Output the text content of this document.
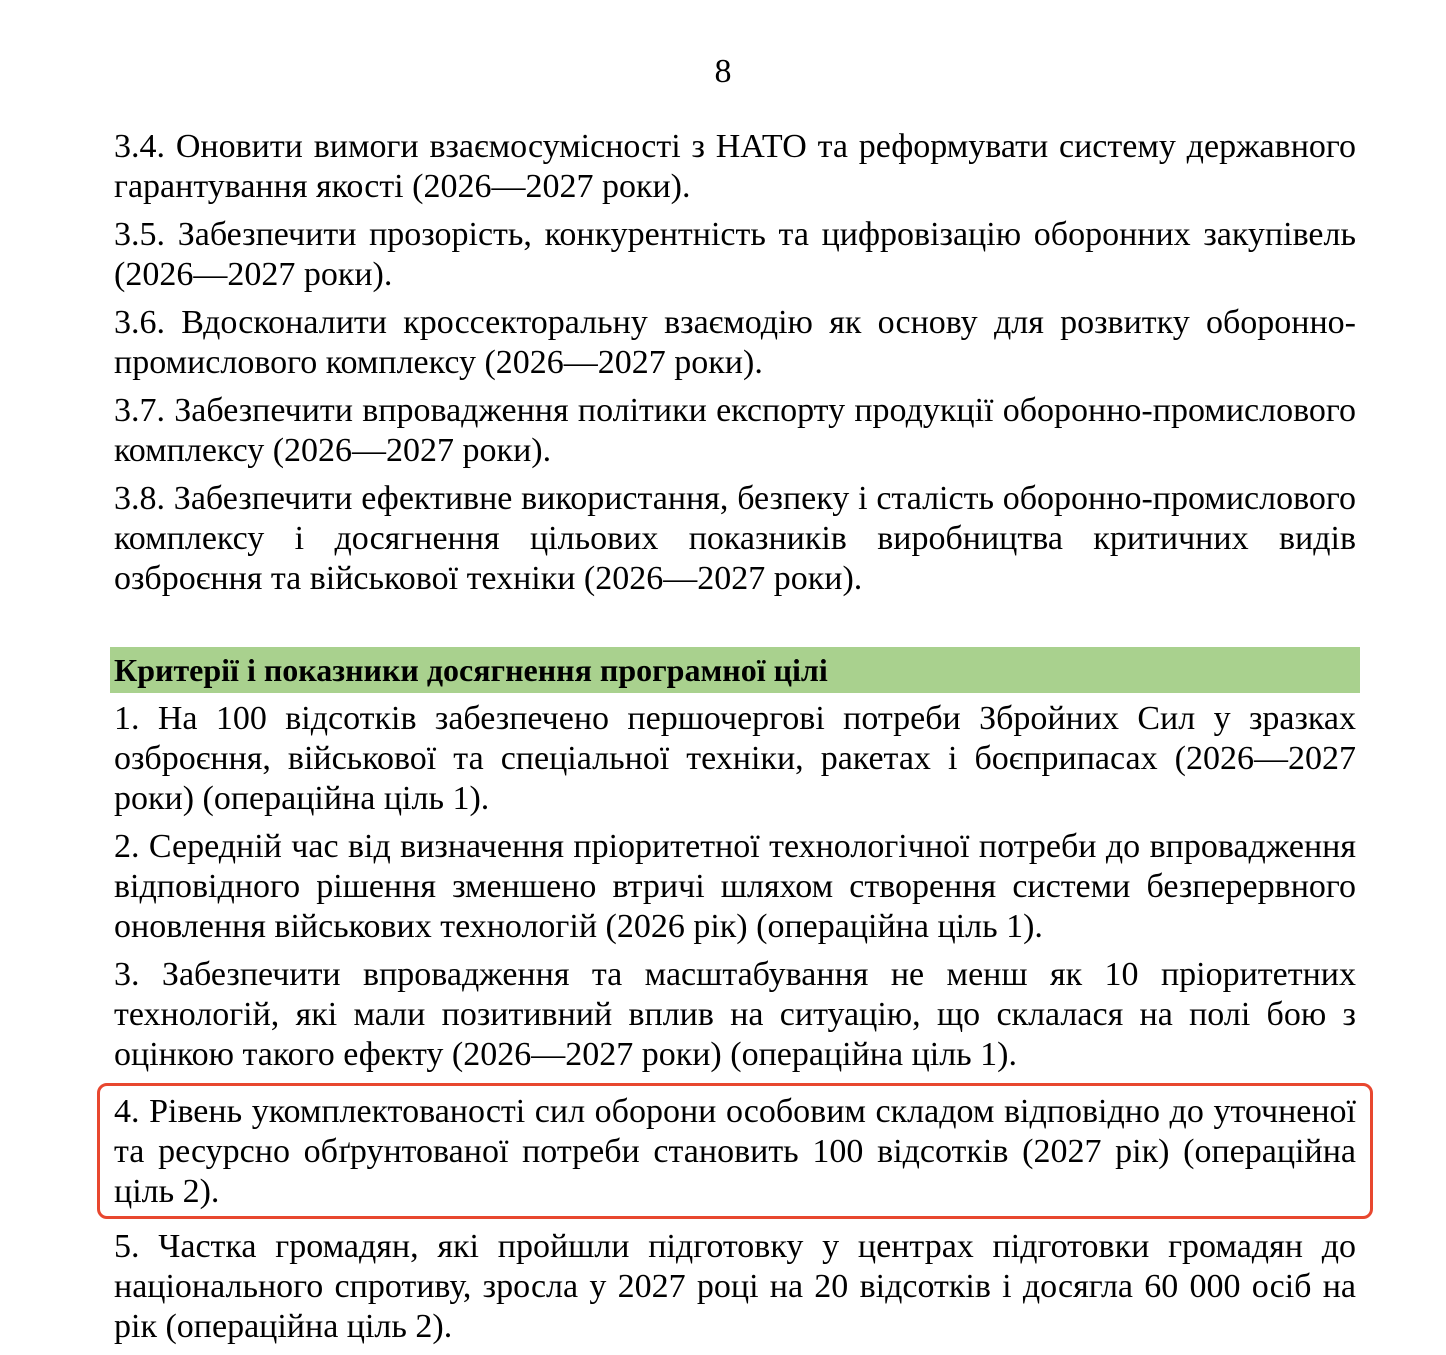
8

3.4. Оновити вимоги взаємосумісності з НАТО та реформувати систему державного гарантування якості (2026—2027 роки).

3.5. Забезпечити прозорість, конкурентність та цифровізацію оборонних закупівель (2026—2027 роки).

3.6. Вдосконалити кроссекторальну взаємодію як основу для розвитку оборонно-промислового комплексу (2026—2027 роки).

3.7. Забезпечити впровадження політики експорту продукції оборонно-промислового комплексу (2026—2027 роки).

3.8. Забезпечити ефективне використання, безпеку і сталість оборонно-промислового комплексу і досягнення цільових показників виробництва критичних видів озброєння та військової техніки (2026—2027 роки).

Критерії і показники досягнення програмної цілі

1. На 100 відсотків забезпечено першочергові потреби Збройних Сил у зразках озброєння, військової та спеціальної техніки, ракетах і боєприпасах (2026—2027 роки) (операційна ціль 1).

2. Середній час від визначення пріоритетної технологічної потреби до впровадження відповідного рішення зменшено втричі шляхом створення системи безперервного оновлення військових технологій (2026 рік) (операційна ціль 1).

3. Забезпечити впровадження та масштабування не менш як 10 пріоритетних технологій, які мали позитивний вплив на ситуацію, що склалася на полі бою з оцінкою такого ефекту (2026—2027 роки) (операційна ціль 1).

4. Рівень укомплектованості сил оборони особовим складом відповідно до уточненої та ресурсно обґрунтованої потреби становить 100 відсотків (2027 рік) (операційна ціль 2).

5. Частка громадян, які пройшли підготовку у центрах підготовки громадян до національного спротиву, зросла у 2027 році на 20 відсотків і досягла 60 000 осіб на рік (операційна ціль 2).
